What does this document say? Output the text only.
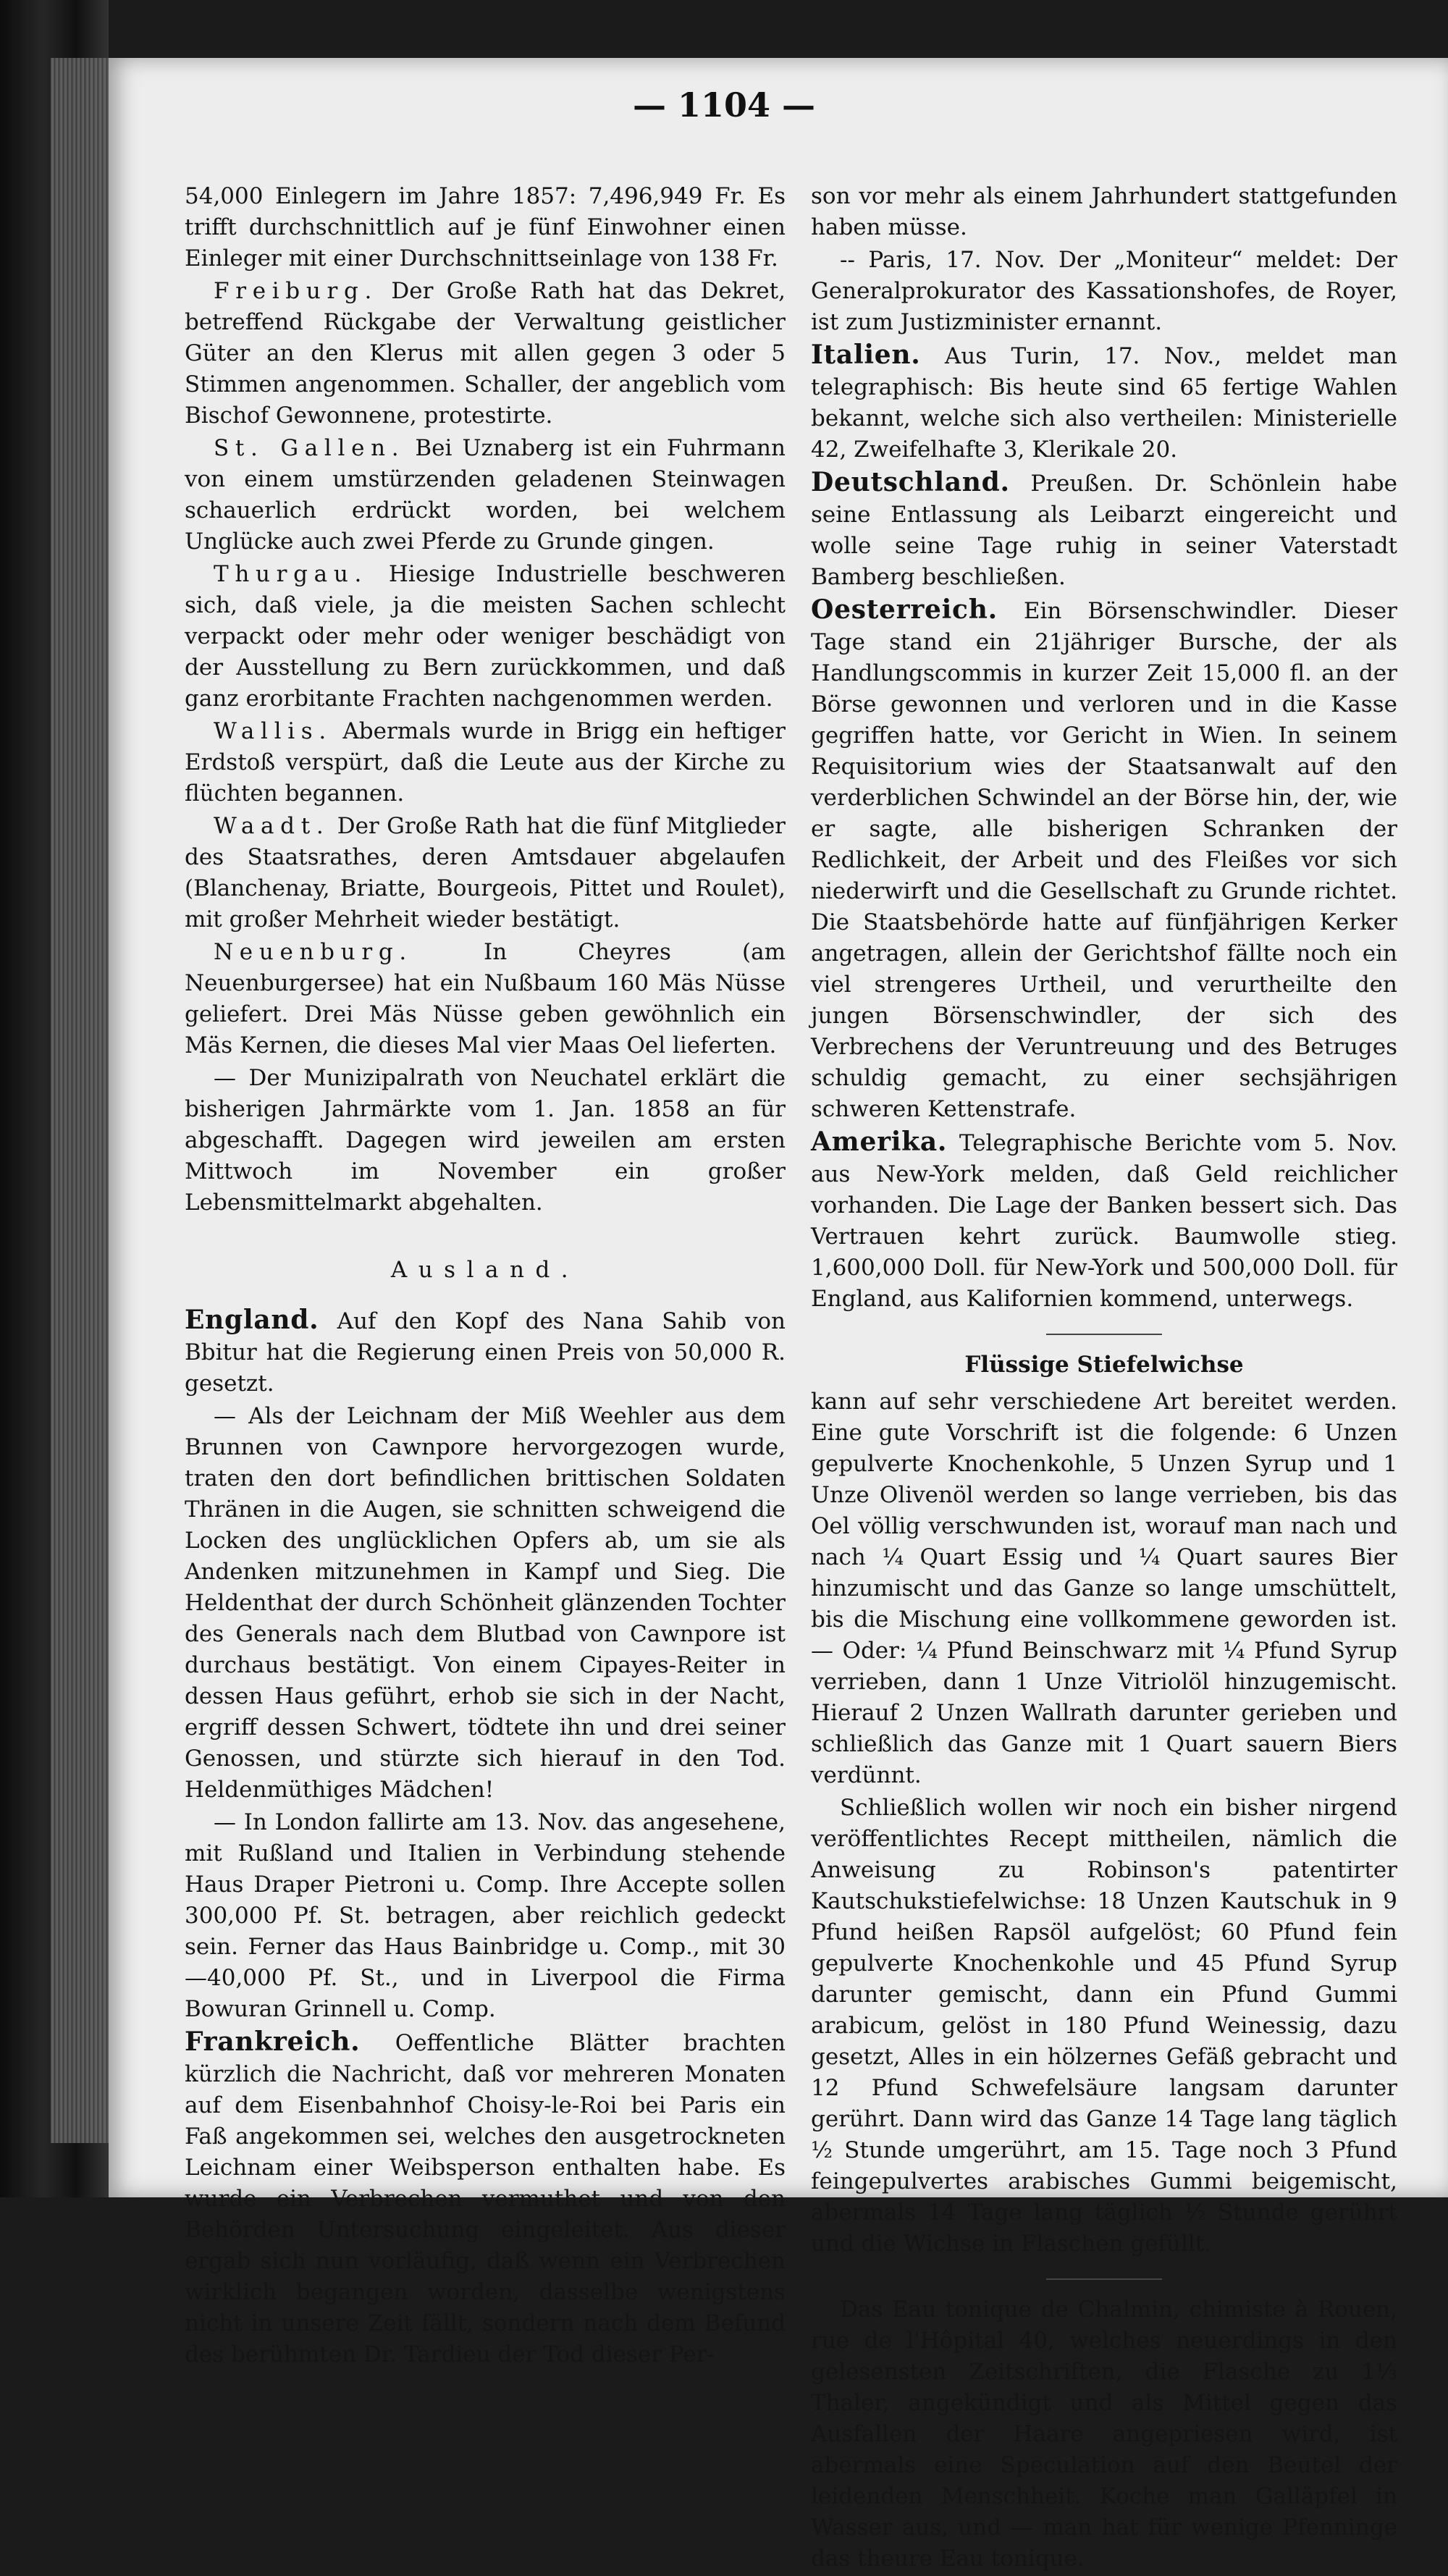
— 1104 —

54,000 Einlegern im Jahre 1857: 7,496,949 Fr. Es trifft durchschnittlich auf je fünf Einwohner einen Einleger mit einer Durchschnittseinlage von 138 Fr.

Freiburg. Der Große Rath hat das Dekret, betreffend Rückgabe der Verwaltung geistlicher Güter an den Klerus mit allen gegen 3 oder 5 Stimmen angenommen. Schaller, der angeblich vom Bischof Gewonnene, protestirte.

St. Gallen. Bei Uznaberg ist ein Fuhrmann von einem umstürzenden geladenen Steinwagen schauerlich erdrückt worden, bei welchem Unglücke auch zwei Pferde zu Grunde gingen.

Thurgau. Hiesige Industrielle beschweren sich, daß viele, ja die meisten Sachen schlecht verpackt oder mehr oder weniger beschädigt von der Ausstellung zu Bern zurückkommen, und daß ganz erorbitante Frachten nachgenommen werden.

Wallis. Abermals wurde in Brigg ein heftiger Erdstoß verspürt, daß die Leute aus der Kirche zu flüchten begannen.

Waadt. Der Große Rath hat die fünf Mitglieder des Staatsrathes, deren Amtsdauer abgelaufen (Blanchenay, Briatte, Bourgeois, Pittet und Roulet), mit großer Mehrheit wieder bestätigt.

Neuenburg.	In Cheyres (am Neuenburgersee) hat ein Nußbaum 160 Mäs Nüsse geliefert. Drei Mäs Nüsse geben gewöhnlich ein Mäs Kernen, die dieses Mal vier Maas Oel lieferten.

— Der Munizipalrath von Neuchatel erklärt die bisherigen Jahrmärkte vom 1. Jan. 1858 an für abgeschafft. Dagegen wird jeweilen am ersten Mittwoch im November ein großer Lebensmittelmarkt abgehalten.

Ausland.

England. Auf den Kopf des Nana Sahib von Bbitur hat die Regierung einen Preis von 50,000 R. gesetzt.

— Als der Leichnam der Miß Weehler aus dem Brunnen von Cawnpore hervorgezogen wurde, traten den dort befindlichen brittischen Soldaten Thränen in die Augen, sie schnitten schweigend die Locken des unglücklichen Opfers ab, um sie als Andenken mitzunehmen in Kampf und Sieg. Die Heldenthat der durch Schönheit glänzenden Tochter des Generals nach dem Blutbad von Cawnpore ist durchaus bestätigt. Von einem Cipayes-Reiter in dessen Haus geführt, erhob sie sich in der Nacht, ergriff dessen Schwert, tödtete ihn und drei seiner Genossen, und stürzte sich hierauf in den Tod. Heldenmüthiges Mädchen!

— In London fallirte am 13. Nov. das angesehene, mit Rußland und Italien in Verbindung stehende Haus Draper Pietroni u. Comp. Ihre Accepte sollen 300,000 Pf. St. betragen, aber reichlich gedeckt sein. Ferner das Haus Bainbridge u. Comp., mit 30—40,000 Pf. St., und in Liverpool die Firma Bowuran Grinnell u. Comp.

Frankreich. Oeffentliche Blätter brachten kürzlich die Nachricht, daß vor mehreren Monaten auf dem Eisenbahnhof Choisy-le-Roi bei Paris ein Faß angekommen sei, welches den ausgetrockneten Leichnam einer Weibsperson enthalten habe. Es wurde ein Verbrechen vermuthet und von den Behörden Untersuchung eingeleitet. Aus dieser ergab sich nun vorläufig, daß wenn ein Verbrechen wirklich begangen worden, dasselbe wenigstens nicht in unsere Zeit fällt, sondern nach dem Befund des berühmten Dr. Tardieu der Tod dieser Per-

son vor mehr als einem Jahrhundert stattgefunden haben müsse.

-- Paris, 17. Nov. Der „Moniteur“ meldet: Der Generalprokurator des Kassationshofes, de Royer, ist zum Justizminister ernannt.

Italien. Aus Turin, 17. Nov., meldet man telegraphisch: Bis heute sind 65 fertige Wahlen bekannt, welche sich also vertheilen: Ministerielle 42, Zweifelhafte 3, Klerikale 20.

Deutschland. Preußen. Dr. Schönlein habe seine Entlassung als Leibarzt eingereicht und wolle seine Tage ruhig in seiner Vaterstadt Bamberg beschließen.

Oesterreich. Ein Börsenschwindler. Dieser Tage stand ein 21jähriger Bursche, der als Handlungscommis in kurzer Zeit 15,000 fl. an der Börse gewonnen und verloren und in die Kasse gegriffen hatte, vor Gericht in Wien. In seinem Requisitorium wies der Staatsanwalt auf den verderblichen Schwindel an der Börse hin, der, wie er sagte, alle bisherigen Schranken der Redlichkeit, der Arbeit und des Fleißes vor sich niederwirft und die Gesellschaft zu Grunde richtet. Die Staatsbehörde hatte auf fünfjährigen Kerker angetragen, allein der Gerichtshof fällte noch ein viel strengeres Urtheil, und verurtheilte den jungen Börsenschwindler, der sich des Verbrechens der Veruntreuung und des Betruges schuldig gemacht, zu einer sechsjährigen schweren Kettenstrafe.

Amerika. Telegraphische Berichte vom 5. Nov. aus New-York melden, daß Geld reichlicher vorhanden. Die Lage der Banken bessert sich. Das Vertrauen kehrt zurück. Baumwolle stieg. 1,600,000 Doll. für New-York und 500,000 Doll. für England, aus Kalifornien kommend, unterwegs.

Flüssige Stiefelwichse

kann auf sehr verschiedene Art bereitet werden. Eine gute Vorschrift ist die folgende: 6 Unzen gepulverte Knochenkohle, 5 Unzen Syrup und 1 Unze Olivenöl werden so lange verrieben, bis das Oel völlig verschwunden ist, worauf man nach und nach ¼ Quart Essig und ¼ Quart saures Bier hinzumischt und das Ganze so lange umschüttelt, bis die Mischung eine vollkommene geworden ist. — Oder: ¼ Pfund Beinschwarz mit ¼ Pfund Syrup verrieben, dann 1 Unze Vitriolöl hinzugemischt. Hierauf 2 Unzen Wallrath darunter gerieben und schließlich das Ganze mit 1 Quart sauern Biers verdünnt.

Schließlich wollen wir noch ein bisher nirgend veröffentlichtes Recept mittheilen, nämlich die Anweisung zu Robinson's patentirter Kautschukstiefelwichse: 18 Unzen Kautschuk in 9 Pfund heißen Rapsöl aufgelöst; 60 Pfund fein gepulverte Knochenkohle und 45 Pfund Syrup darunter gemischt, dann ein Pfund Gummi arabicum, gelöst in 180 Pfund Weinessig, dazu gesetzt, Alles in ein hölzernes Gefäß gebracht und 12 Pfund Schwefelsäure langsam darunter gerührt. Dann wird das Ganze 14 Tage lang täglich ½ Stunde umgerührt, am 15. Tage noch 3 Pfund feingepulvertes arabisches Gummi beigemischt, abermals 14 Tage lang täglich ½ Stunde gerührt und die Wichse in Flaschen gefüllt.

Das Eau tonique de Chalmin, chimiste à Rouen, rue de l'Hôpital 40, welches neuerdings in den gelesensten Zeitschriften, die Flasche zu 1⅓ Thaler, angekündigt und als Mittel gegen das Ausfallen der Haare angepriesen wird, ist abermals eine Speculation auf den Beutel der leidenden Menschheit. Koche man Galläpfel in Wasser aus, und — man hat für wenige Pfenninge das theure Eau tonique.
